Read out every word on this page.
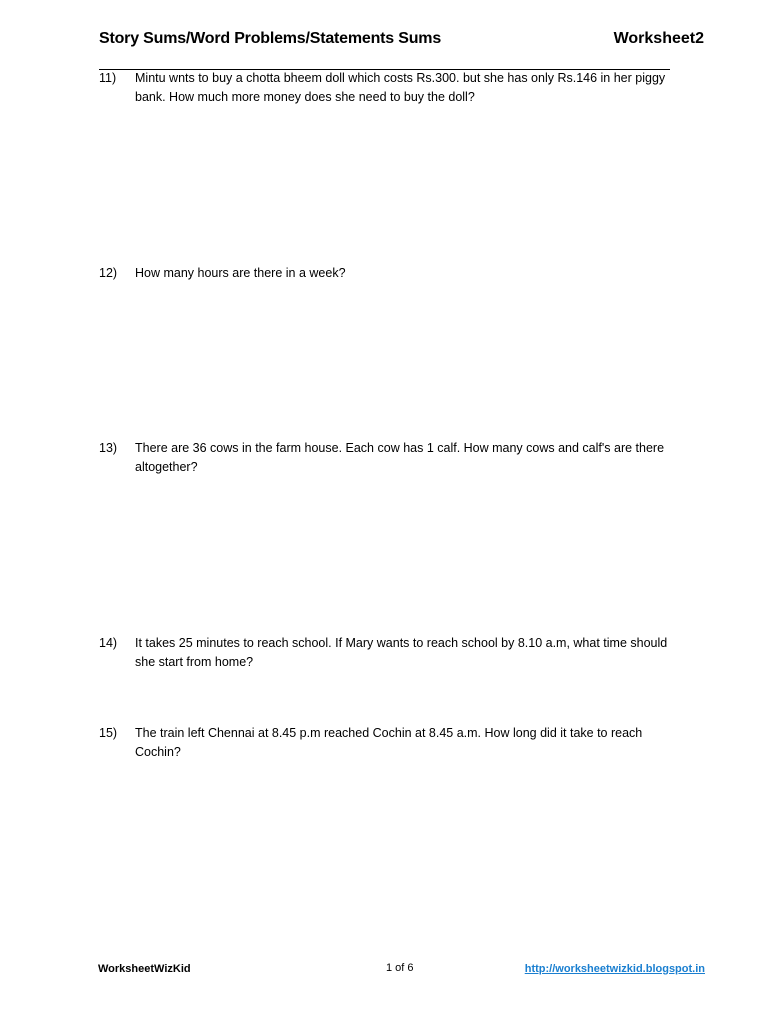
Story Sums/Word Problems/Statements Sums	Worksheet2
11)	Mintu wnts to buy a chotta bheem doll which costs Rs.300. but she has only Rs.146 in her piggy bank. How much more money does she need to buy the doll?
12)	How many hours are there in a week?
13)	There are 36 cows in the farm house. Each cow has 1 calf. How many cows and calf's are there altogether?
14)	It takes 25 minutes to reach school. If Mary wants to reach school by 8.10 a.m, what time should she start from home?
15)	The train left Chennai at 8.45 p.m reached Cochin at 8.45 a.m. How long did it take to reach Cochin?
WorksheetWizKid	1 of 6	http://worksheetwizkid.blogspot.in
